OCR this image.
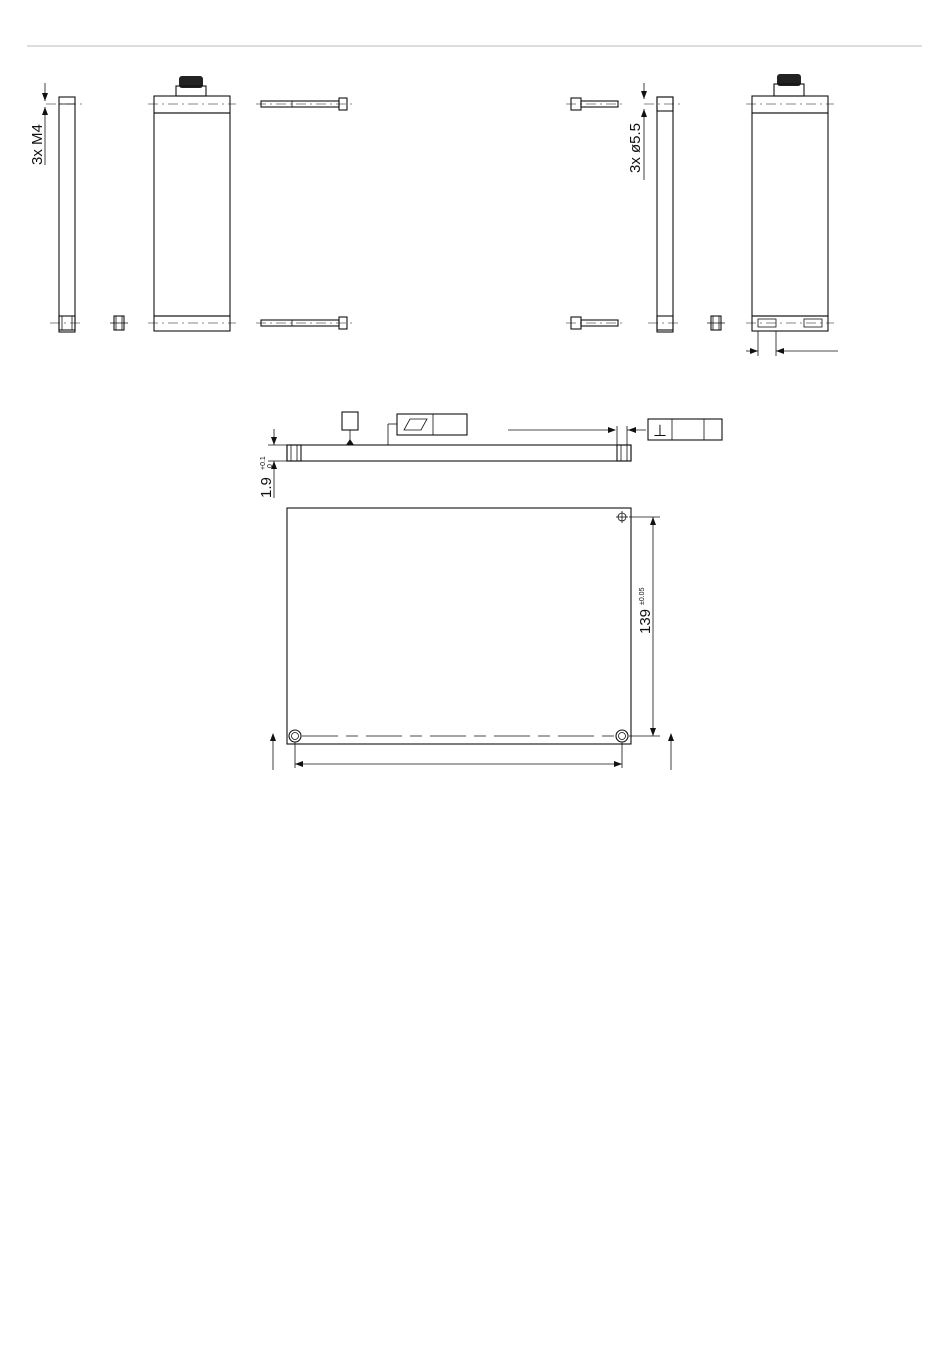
3x M4	3x ø5.5
⊥
1.9
+0.1 0
139
±0.05
